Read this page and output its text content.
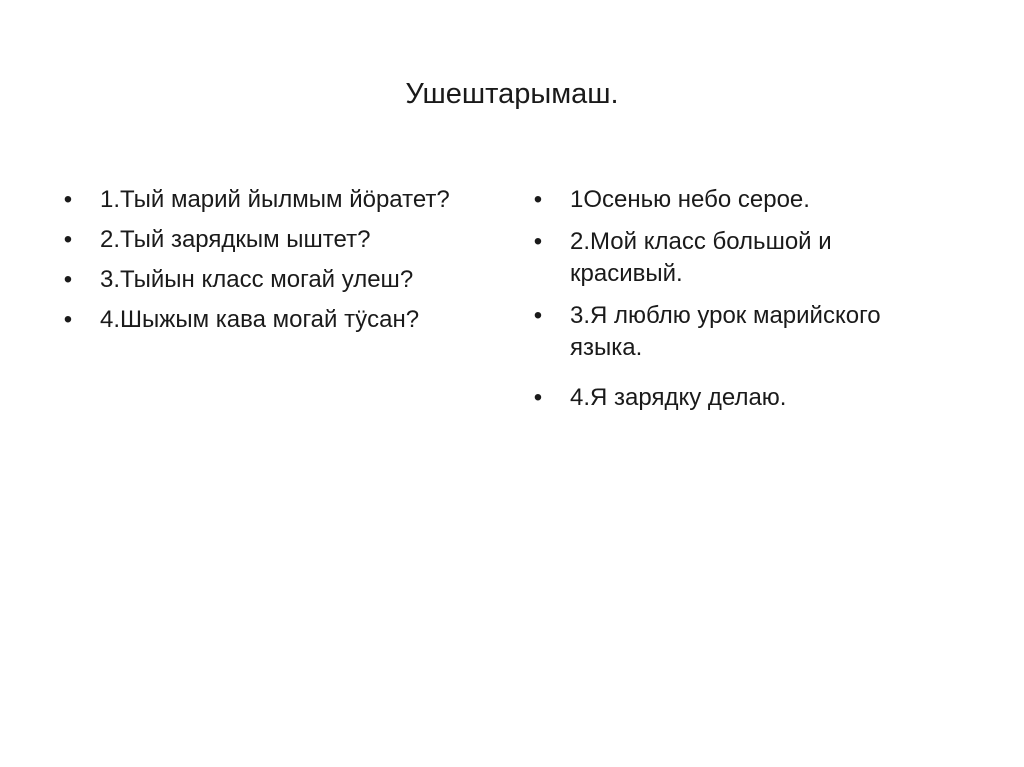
Ушештарымаш.
• 1.Тый марий йылмым йӧратет?
• 2.Тый зарядкым ыштет?
• 3.Тыйын класс могай улеш?
• 4.Шыжым кава могай тӱсан?
• 1Осенью небо серое.
• 2.Мой класс большой и красивый.
• 3.Я люблю урок марийского языка.
• 4.Я зарядку делаю.
